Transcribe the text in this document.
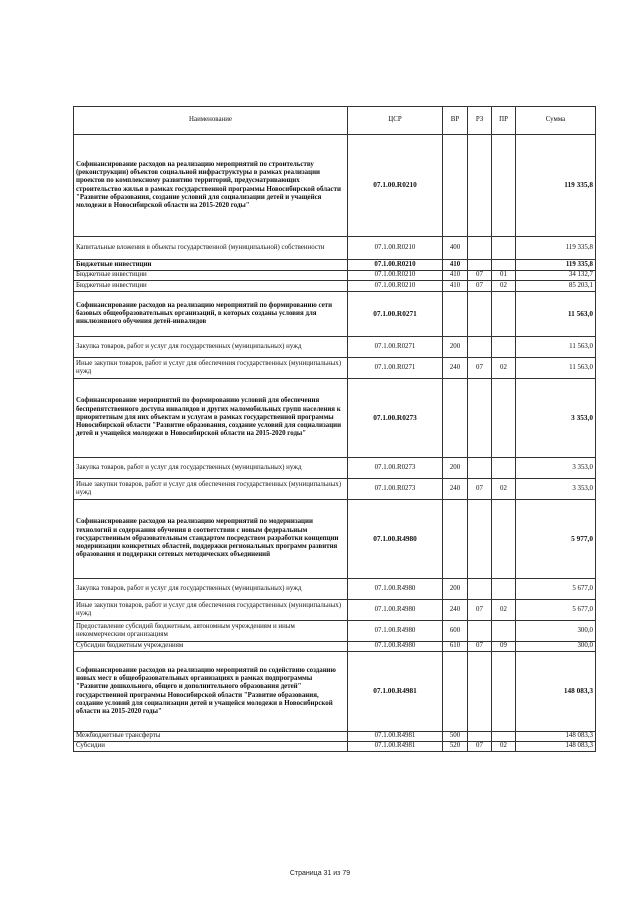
Наименование	ЦСР	ВР	РЗ	ПР	Сумма
Софинансирование расходов на реализацию мероприятий по строительству (реконструкции) объектов социальной инфраструктуры в рамках реализации проектов по комплексному развитию территорий, предусматривающих строительство жилья в рамках государственной программы Новосибирской области "Развитие образования, создание условий для социализации детей и учащейся молодежи в Новосибирской области на 2015-2020 годы"	07.1.00.R0210				119 335,8
Капитальные вложения в объекты государственной (муниципальной) собственности	07.1.00.R0210	400			119 335,8
Бюджетные инвестиции	07.1.00.R0210	410			119 335,8
Бюджетные инвестиции	07.1.00.R0210	410	07	01	34 132,7
Бюджетные инвестиции	07.1.00.R0210	410	07	02	85 203,1
Софинансирование расходов на реализацию мероприятий по формированию сети базовых общеобразовательных организаций, в которых созданы условия для инклюзивного обучения детей-инвалидов	07.1.00.R0271				11 563,0
Закупка товаров, работ и услуг для государственных (муниципальных) нужд	07.1.00.R0271	200			11 563,0
Иные закупки товаров, работ и услуг для обеспечения государственных (муниципальных) нужд	07.1.00.R0271	240	07	02	11 563,0
Софинансирование мероприятий по формированию условий для обеспечения беспрепятственного доступа инвалидов и других маломобильных групп населения к приоритетным для них объектам и услугам в рамках государственной программы Новосибирской области "Развитие образования, создание условий для социализации детей и учащейся молодежи в Новосибирской области на 2015-2020 годы"	07.1.00.R0273				3 353,0
Закупка товаров, работ и услуг для государственных (муниципальных) нужд	07.1.00.R0273	200			3 353,0
Иные закупки товаров, работ и услуг для обеспечения государственных (муниципальных) нужд	07.1.00.R0273	240	07	02	3 353,0
Софинансирование расходов на реализацию мероприятий по модернизации технологий и содержания обучения в соответствии с новым федеральным государственным образовательным стандартом посредством разработки концепции модернизации конкретных областей, поддержки региональных программ развития образования и поддержки сетевых методических объединений	07.1.00.R4980				5 977,0
Закупка товаров, работ и услуг для государственных (муниципальных) нужд	07.1.00.R4980	200			5 677,0
Иные закупки товаров, работ и услуг для обеспечения государственных (муниципальных) нужд	07.1.00.R4980	240	07	02	5 677,0
Предоставление субсидий бюджетным, автономным учреждениям и иным некоммерческим организациям	07.1.00.R4980	600			300,0
Субсидии бюджетным учреждениям	07.1.00.R4980	610	07	09	300,0
Софинансирование расходов на реализацию мероприятий по содействию созданию новых мест в общеобразовательных организациях в рамках подпрограммы "Развитие дошкольного, общего и дополнительного образования детей" государственной программы Новосибирской области "Развитие образования, создание условий для социализации детей и учащейся молодежи в Новосибирской области на 2015-2020 годы"	07.1.00.R4981				148 083,3
Межбюджетные трансферты	07.1.00.R4981	500			148 083,3
Субсидии	07.1.00.R4981	520	07	02	148 083,3
Страница 31 из 79
